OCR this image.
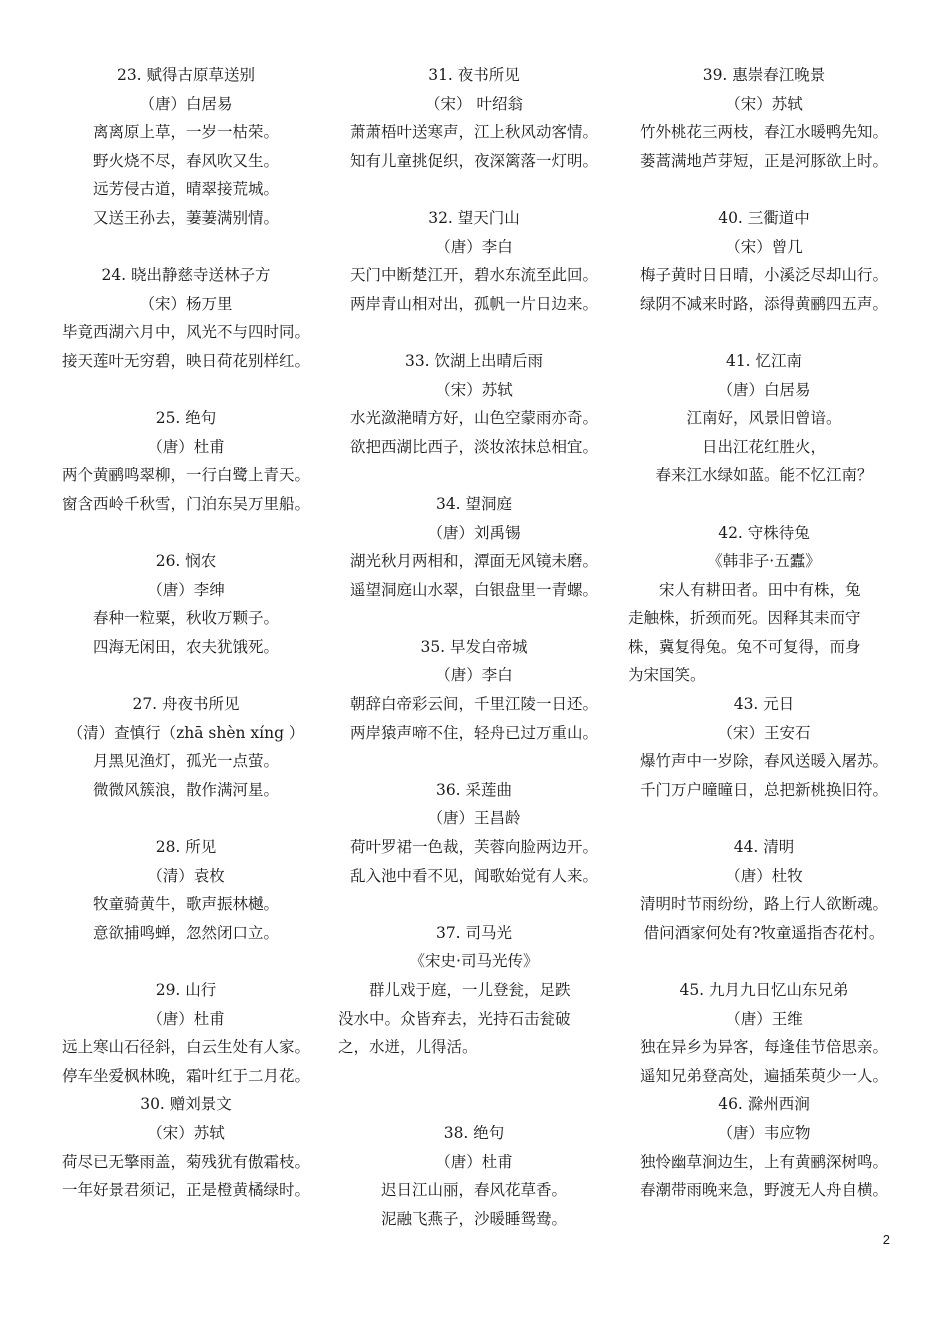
23. 赋得古原草送别
（唐）白居易
离离原上草，一岁一枯荣。
野火烧不尽，春风吹又生。
远芳侵古道，晴翠接荒城。
又送王孙去，萋萋满别情。
24. 晓出静慈寺送林子方
（宋）杨万里
毕竟西湖六月中，风光不与四时同。
接天莲叶无穷碧，映日荷花别样红。
25. 绝句
（唐）杜甫
两个黄鹂鸣翠柳，一行白鹭上青天。
窗含西岭千秋雪，门泊东吴万里船。
26. 悯农
（唐）李绅
春种一粒粟，秋收万颗子。
四海无闲田，农夫犹饿死。
27. 舟夜书所见
（清）查慎行（zhā shèn xíng ）
月黑见渔灯，孤光一点萤。
微微风簇浪，散作满河星。
28. 所见
（清）袁枚
牧童骑黄牛，歌声振林樾。
意欲捕鸣蝉，忽然闭口立。
29. 山行
（唐）杜甫
远上寒山石径斜，白云生处有人家。
停车坐爱枫林晚，霜叶红于二月花。
30. 赠刘景文
（宋）苏轼
荷尽已无擎雨盖，菊残犹有傲霜枝。
一年好景君须记，正是橙黄橘绿时。
31. 夜书所见
（宋） 叶绍翁
萧萧梧叶送寒声，江上秋风动客情。
知有儿童挑促织，夜深篱落一灯明。
32. 望天门山
（唐）李白
天门中断楚江开，碧水东流至此回。
两岸青山相对出，孤帆一片日边来。
33. 饮湖上出晴后雨
（宋）苏轼
水光潋滟晴方好，山色空蒙雨亦奇。
欲把西湖比西子，淡妆浓抹总相宜。
34. 望洞庭
（唐）刘禹锡
湖光秋月两相和，潭面无风镜未磨。
遥望洞庭山水翠，白银盘里一青螺。
35. 早发白帝城
（唐）李白
朝辞白帝彩云间，千里江陵一日还。
两岸猿声啼不住，轻舟已过万重山。
36. 采莲曲
（唐）王昌龄
荷叶罗裙一色裁，芙蓉向脸两边开。
乱入池中看不见，闻歌始觉有人来。
37. 司马光
《宋史·司马光传》
群儿戏于庭，一儿登瓮，足跌
没水中。众皆弃去，光持石击瓮破
之，水迸，儿得活。
38. 绝句
（唐）杜甫
迟日江山丽，春风花草香。
泥融飞燕子，沙暖睡鸳鸯。
39. 惠崇春江晚景
（宋）苏轼
竹外桃花三两枝，春江水暖鸭先知。
蒌蒿满地芦芽短，正是河豚欲上时。
40. 三衢道中
（宋）曾几
梅子黄时日日晴，小溪泛尽却山行。
绿阴不减来时路，添得黄鹂四五声。
41. 忆江南
（唐）白居易
江南好，风景旧曾谙。
日出江花红胜火，
春来江水绿如蓝。能不忆江南？
42. 守株待兔
《韩非子·五蠹》
宋人有耕田者。田中有株，兔
走触株，折颈而死。因释其耒而守
株，冀复得兔。兔不可复得，而身
为宋国笑。
43. 元日
（宋）王安石
爆竹声中一岁除，春风送暖入屠苏。
千门万户曈曈日，总把新桃换旧符。
44. 清明
（唐）杜牧
清明时节雨纷纷，路上行人欲断魂。
借问酒家何处有?牧童遥指杏花村。
45. 九月九日忆山东兄弟
（唐）王维
独在异乡为异客，每逢佳节倍思亲。
遥知兄弟登高处，遍插茱萸少一人。
46. 滁州西涧
（唐）韦应物
独怜幽草涧边生，上有黄鹂深树鸣。
春潮带雨晚来急，野渡无人舟自横。
2
